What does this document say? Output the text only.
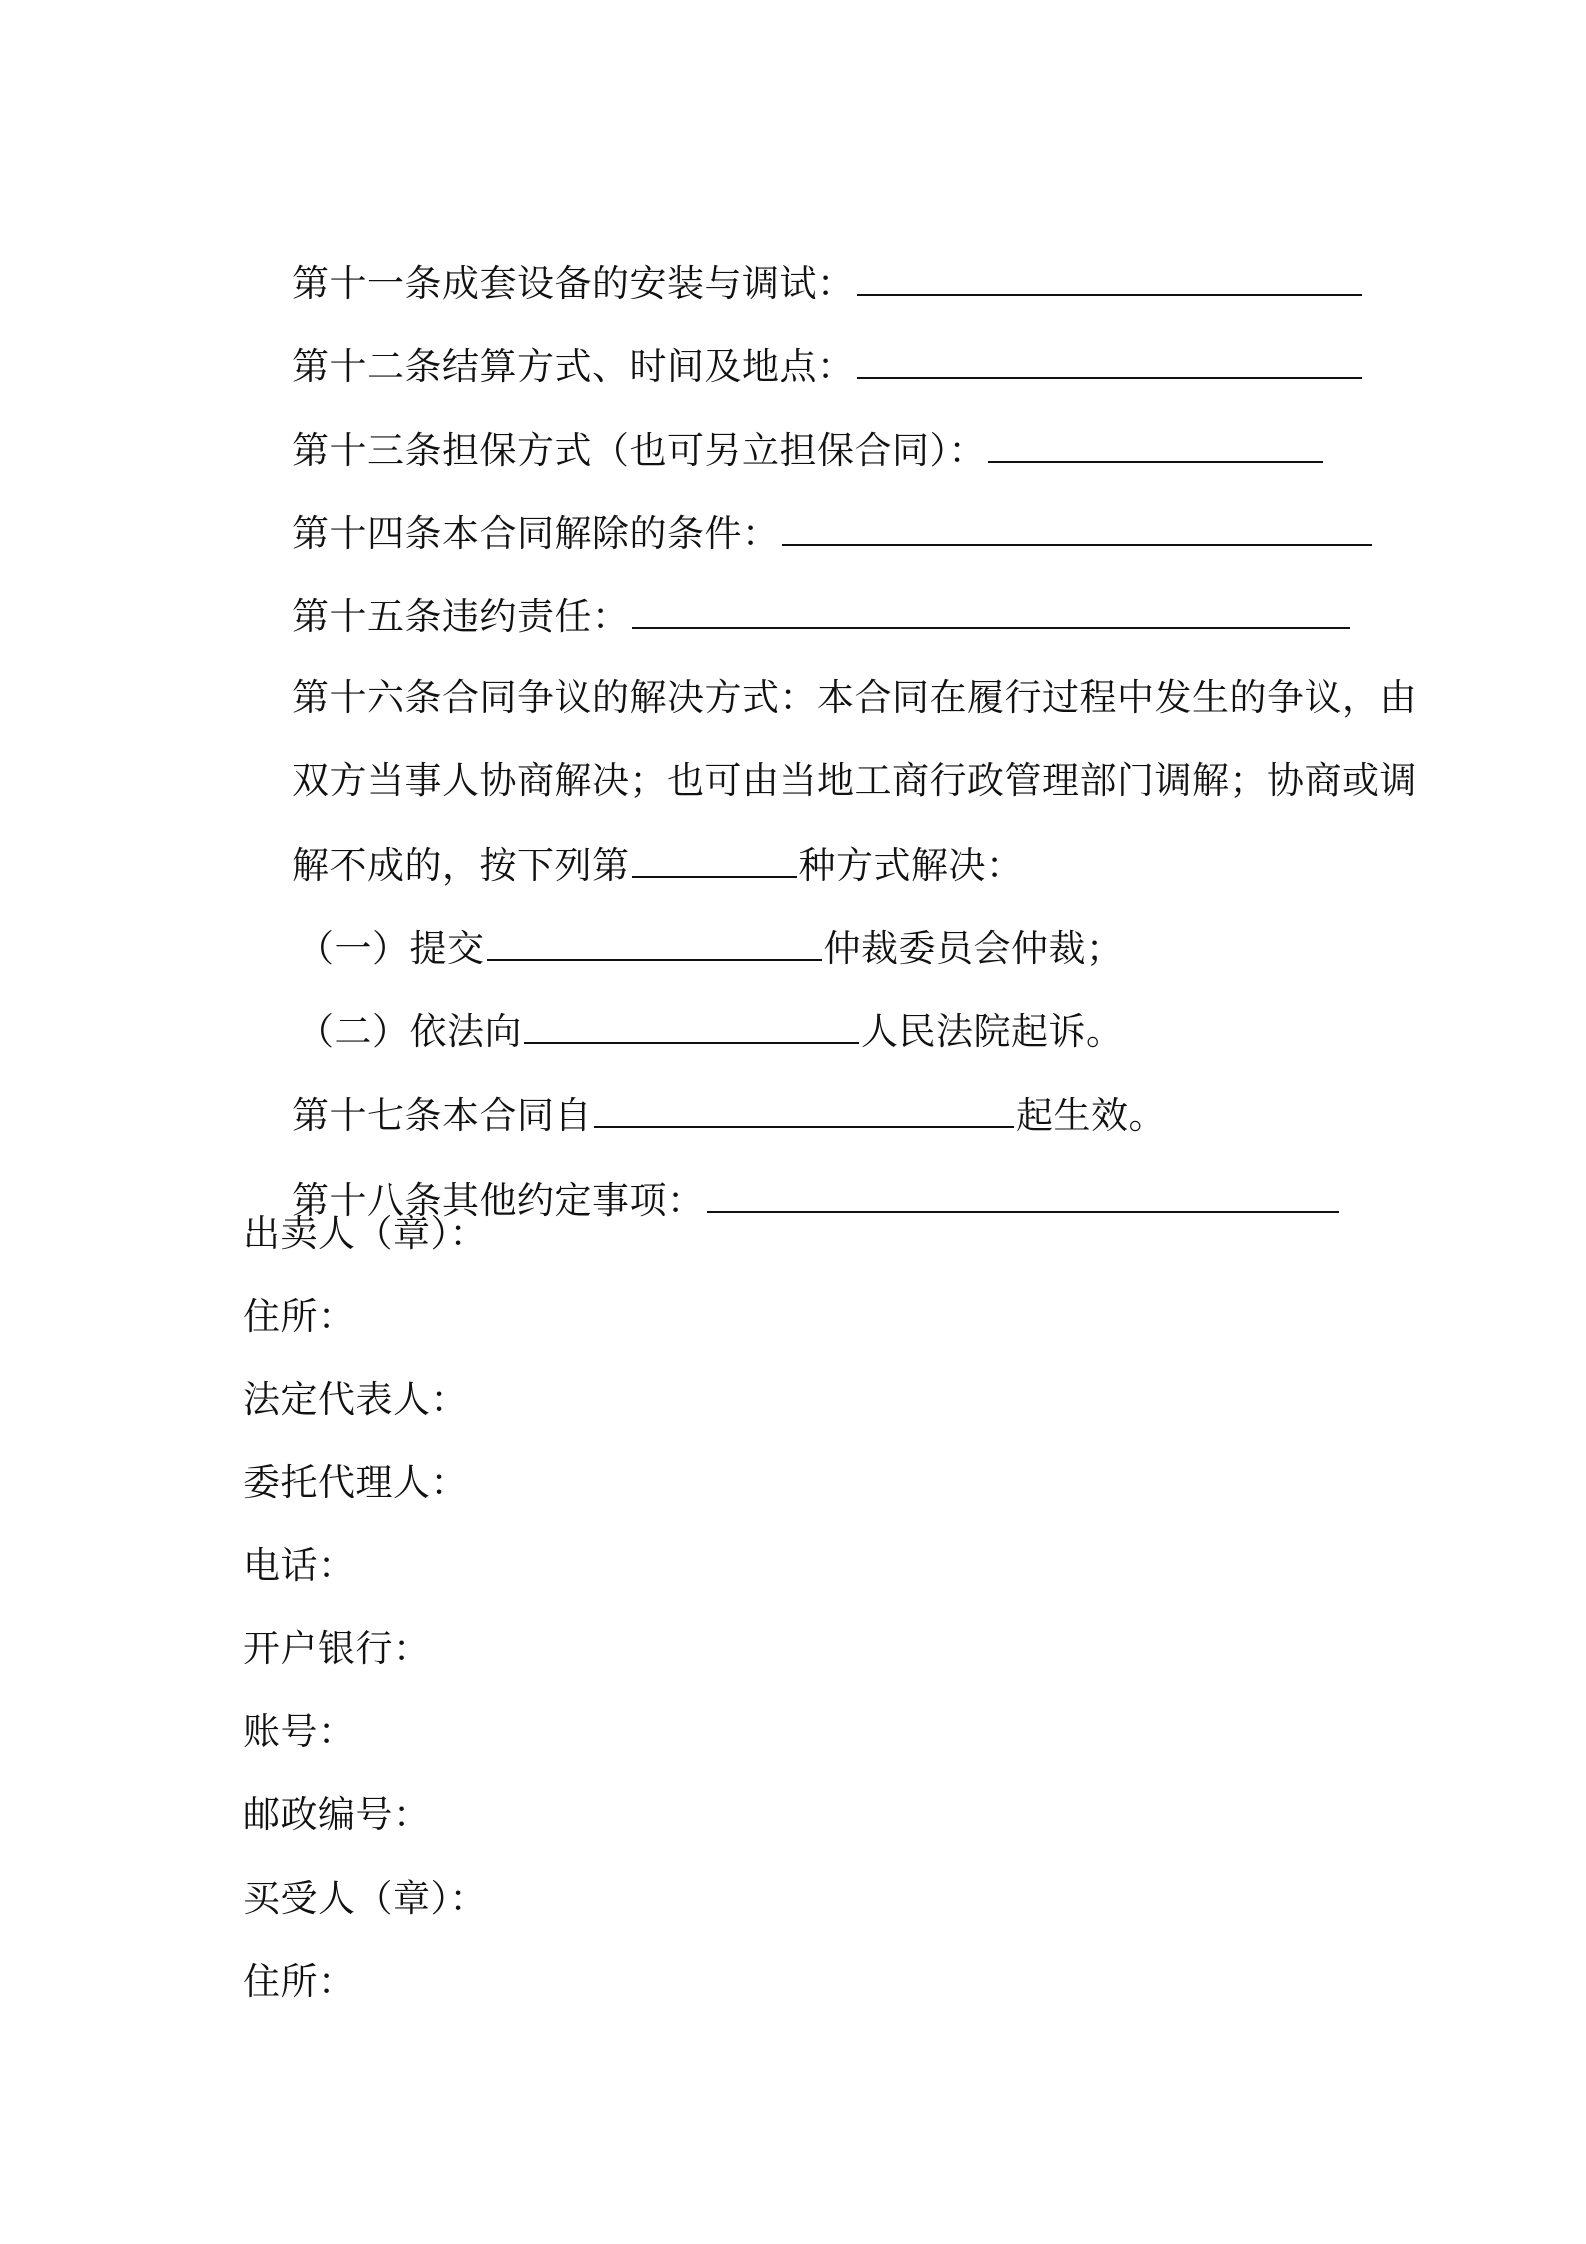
第十一条成套设备的安装与调试：

第十二条结算方式、时间及地点：

第十三条担保方式（也可另立担保合同）：

第十四条本合同解除的条件：

第十五条违约责任：

第十六条合同争议的解决方式：本合同在履行过程中发生的争议，由

双方当事人协商解决；也可由当地工商行政管理部门调解；协商或调

解不成的，按下列第	种方式解决：

（一）提交	仲裁委员会仲裁；

（二）依法向	人民法院起诉。

第十七条本合同自	起生效。

第十八条其他约定事项：

出卖人（章）：
住所：
法定代表人：
委托代理人：
电话：
开户银行：
账号：
邮政编号：
买受人（章）：
住所：
